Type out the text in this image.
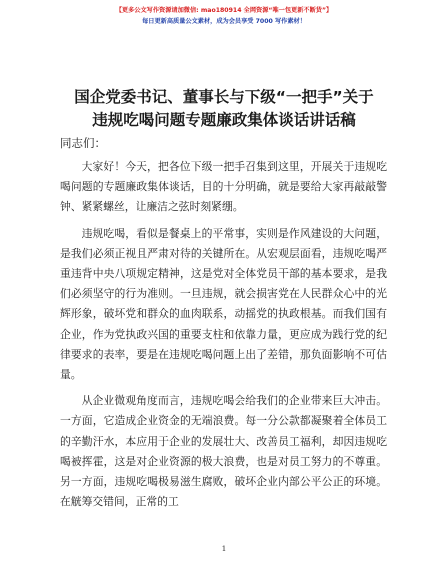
【更多公文写作资源请加微信: mao180914 全网资源“唯一包更新不断货”】
每日更新高质量公文素材，成为会员享受 7000 写作素材！
国企党委书记、董事长与下级“一把手”关于
违规吃喝问题专题廉政集体谈话讲话稿

同志们：

大家好！今天，把各位下级一把手召集到这里，开展关于违规吃喝问题的专题廉政集体谈话，目的十分明确，就是要给大家再敲敲警钟、紧紧螺丝，让廉洁之弦时刻紧绷。

违规吃喝，看似是餐桌上的平常事，实则是作风建设的大问题，是我们必须正视且严肃对待的关键所在。从宏观层面看，违规吃喝严重违背中央八项规定精神，这是党对全体党员干部的基本要求，是我们必须坚守的行为准则。一旦违规，就会损害党在人民群众心中的光辉形象，破坏党和群众的血肉联系，动摇党的执政根基。而我们国有企业，作为党执政兴国的重要支柱和依靠力量，更应成为践行党的纪律要求的表率，要是在违规吃喝问题上出了差错，那负面影响不可估量。

从企业微观角度而言，违规吃喝会给我们的企业带来巨大冲击。一方面，它造成企业资金的无端浪费。每一分公款都凝聚着全体员工的辛勤汗水，本应用于企业的发展壮大、改善员工福利，却因违规吃喝被挥霍，这是对企业资源的极大浪费，也是对员工努力的不尊重。另一方面，违规吃喝极易滋生腐败，破坏企业内部公平公正的环境。在觥筹交错间，正常的工

1
